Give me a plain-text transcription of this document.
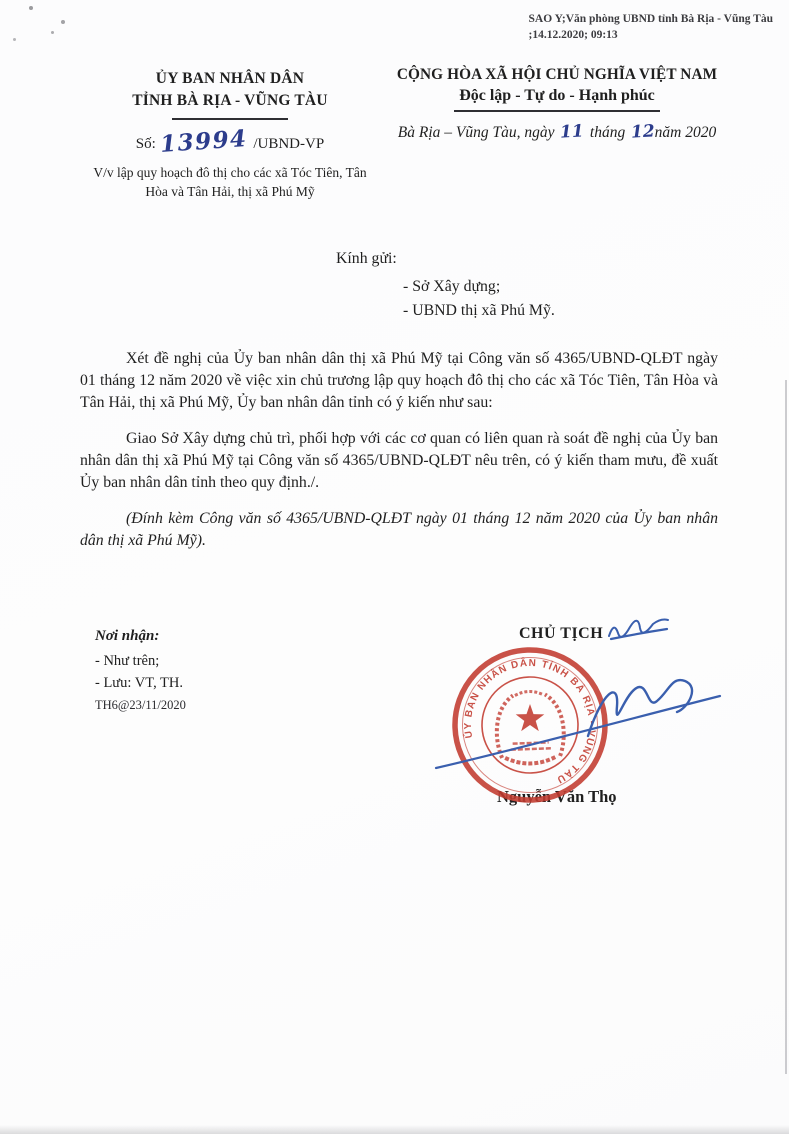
SAO Y;Văn phòng UBND tỉnh Bà Rịa - Vũng Tàu
;14.12.2020; 09:13
ỦY BAN NHÂN DÂN
TỈNH BÀ RỊA - VŨNG TÀU
Số: 13994 /UBND-VP
V/v lập quy hoạch đô thị cho các xã Tóc Tiên, Tân Hòa và Tân Hải, thị xã Phú Mỹ
CỘNG HÒA XÃ HỘI CHỦ NGHĨA VIỆT NAM
Độc lập - Tự do - Hạnh phúc
Bà Rịa – Vũng Tàu, ngày 11 tháng 12 năm 2020
Kính gửi:
- Sở Xây dựng;
- UBND thị xã Phú Mỹ.

Xét đề nghị của Ủy ban nhân dân thị xã Phú Mỹ tại Công văn số 4365/UBND-QLĐT ngày 01 tháng 12 năm 2020 về việc xin chủ trương lập quy hoạch đô thị cho các xã Tóc Tiên, Tân Hòa và Tân Hải, thị xã Phú Mỹ, Ủy ban nhân dân tỉnh có ý kiến như sau:

Giao Sở Xây dựng chủ trì, phối hợp với các cơ quan có liên quan rà soát đề nghị của Ủy ban nhân dân thị xã Phú Mỹ tại Công văn số 4365/UBND-QLĐT nêu trên, có ý kiến tham mưu, đề xuất Ủy ban nhân dân tỉnh theo quy định./.

(Đính kèm Công văn số 4365/UBND-QLĐT ngày 01 tháng 12 năm 2020 của Ủy ban nhân dân thị xã Phú Mỹ).

Nơi nhận:
- Như trên;
- Lưu: VT, TH.
TH6@23/11/2020
CHỦ TỊCH
Nguyễn Văn Thọ
ỦY BAN NHÂN DÂN TỈNH BÀ RỊA - VŨNG TÀU
